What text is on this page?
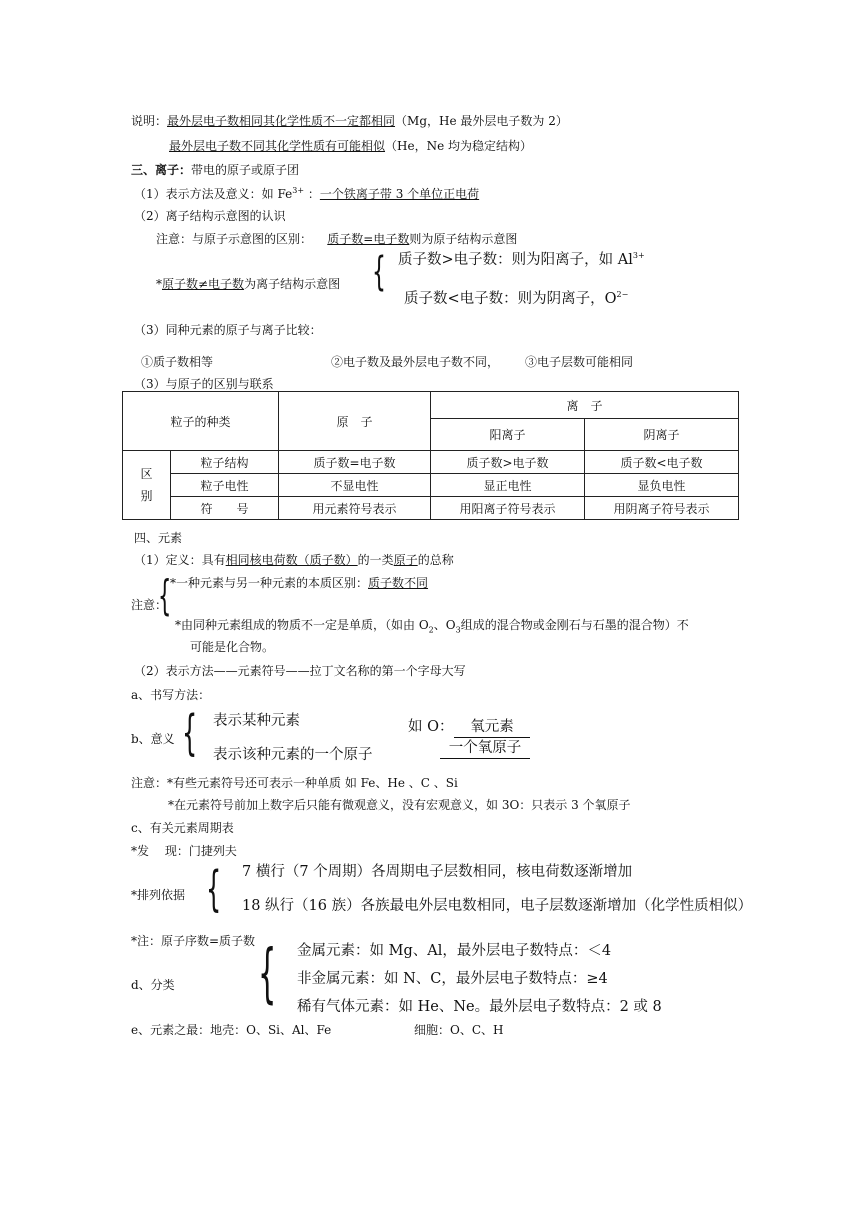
说明：最外层电子数相同其化学性质不一定都相同（Mg，He 最外层电子数为 2）
最外层电子数不同其化学性质有可能相似（He，Ne 均为稳定结构）
三、离子：带电的原子或原子团
（1）表示方法及意义：如 $Fe^{3+}$ ：一个铁离子带 3 个单位正电荷
（2）离子结构示意图的认识
注意：与原子示意图的区别： 质子数=电子数则为原子结构示意图
*原子数≠电子数为离子结构示意图 { 质子数>电子数：则为阳离子，如 $Al^{3+}$
质子数<电子数：则为阴离子，$O^{2-}$
（3）同种元素的原子与离子比较：
①质子数相等	②电子数及最外层电子数不同， ③电子层数可能相同
（3）与原子的区别与联系
粒子的种类		原　子	离　子	
			阳离子	阴离子
区
别	粒子结构	质子数=电子数	质子数>电子数	质子数<电子数
	粒子电性	不显电性	显正电性	显负电性
	符　　号	用元素符号表示	用阳离子符号表示	用阴离子符号表示
四、元素
（1）定义：具有相同核电荷数（质子数）的一类原子的总称
*一种元素与另一种元素的本质区别：质子数不同
注意：
{
*由同种元素组成的物质不一定是单质，（如由 $O_2$、$O_3$组成的混合物或金刚石与石墨的混合物）不
可能是化合物。
（2）表示方法——元素符号——拉丁文名称的第一个字母大写
a、书写方法：
b、意义 { 表示某种元素
表示该种元素的一个原子
如 O：	氧元素
一个氧原子
注意：*有些元素符号还可表示一种单质 如 Fe、He 、C 、Si
*在元素符号前加上数字后只能有微观意义，没有宏观意义，如 3O：只表示 3 个氧原子
c、有关元素周期表
*发　 现：门捷列夫
*排列依据 { 7 横行（7 个周期）各周期电子层数相同，核电荷数逐渐增加
18 纵行（16 族）各族最电外层电数相同，电子层数逐渐增加（化学性质相似）
*注：原子序数=质子数
d、分类 { 金属元素：如 Mg、Al，最外层电子数特点：＜4
非金属元素：如 N、C，最外层电子数特点：≥4
稀有气体元素：如 He、Ne。最外层电子数特点：2 或 8
e、元素之最：地壳：O、Si、Al、Fe	细胞：O、C、H
